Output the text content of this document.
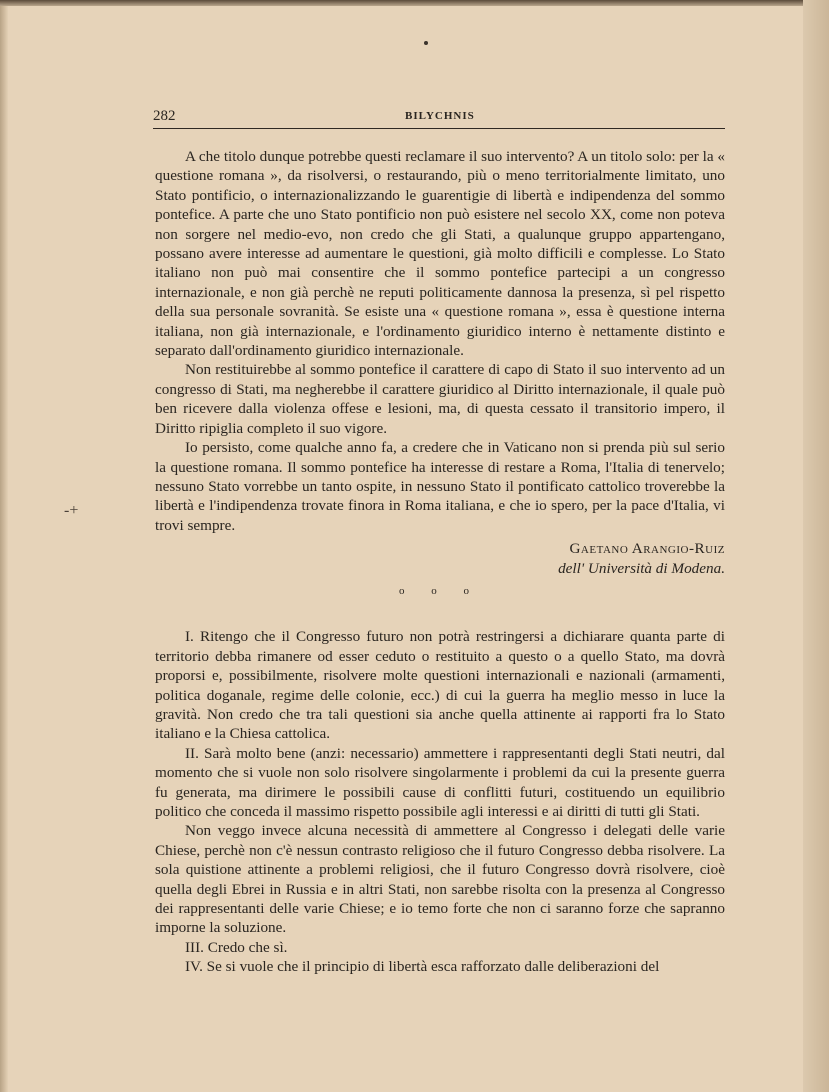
282	BILYCHNIS
-+

A che titolo dunque potrebbe questi reclamare il suo intervento? A un titolo solo: per la « questione romana », da risolversi, o restaurando, più o meno territorialmente limitato, uno Stato pontificio, o internazionalizzando le guarentigie di libertà e indipendenza del sommo pontefice. A parte che uno Stato pontificio non può esistere nel secolo XX, come non poteva non sorgere nel medio-evo, non credo che gli Stati, a qualunque gruppo appartengano, possano avere interesse ad aumentare le questioni, già molto difficili e complesse. Lo Stato italiano non può mai consentire che il sommo pontefice partecipi a un congresso internazionale, e non già perchè ne reputi politicamente dannosa la presenza, sì pel rispetto della sua personale sovranità. Se esiste una « questione romana », essa è questione interna italiana, non già internazionale, e l'ordinamento giuridico interno è nettamente distinto e separato dall'ordinamento giuridico internazionale.

Non restituirebbe al sommo pontefice il carattere di capo di Stato il suo intervento ad un congresso di Stati, ma negherebbe il carattere giuridico al Diritto internazionale, il quale può ben ricevere dalla violenza offese e lesioni, ma, di questa cessato il transitorio impero, il Diritto ripiglia completo il suo vigore.

Io persisto, come qualche anno fa, a credere che in Vaticano non si prenda più sul serio la questione romana. Il sommo pontefice ha interesse di restare a Roma, l'Italia di tenervelo; nessuno Stato vorrebbe un tanto ospite, in nessuno Stato il pontificato cattolico troverebbe la libertà e l'indipendenza trovate finora in Roma italiana, e che io spero, per la pace d'Italia, vi trovi sempre.

Gaetano Arangio-Ruiz
dell' Università di Modena.
o o o

I. Ritengo che il Congresso futuro non potrà restringersi a dichiarare quanta parte di territorio debba rimanere od esser ceduto o restituito a questo o a quello Stato, ma dovrà proporsi e, possibilmente, risolvere molte questioni internazionali e nazionali (armamenti, politica doganale, regime delle colonie, ecc.) di cui la guerra ha meglio messo in luce la gravità. Non credo che tra tali questioni sia anche quella attinente ai rapporti fra lo Stato italiano e la Chiesa cattolica.

II. Sarà molto bene (anzi: necessario) ammettere i rappresentanti degli Stati neutri, dal momento che si vuole non solo risolvere singolarmente i problemi da cui la presente guerra fu generata, ma dirimere le possibili cause di conflitti futuri, costituendo un equilibrio politico che conceda il massimo rispetto possibile agli interessi e ai diritti di tutti gli Stati.

Non veggo invece alcuna necessità di ammettere al Congresso i delegati delle varie Chiese, perchè non c'è nessun contrasto religioso che il futuro Congresso debba risolvere. La sola quistione attinente a problemi religiosi, che il futuro Congresso dovrà risolvere, cioè quella degli Ebrei in Russia e in altri Stati, non sarebbe risolta con la presenza al Congresso dei rappresentanti delle varie Chiese; e io temo forte che non ci saranno forze che sapranno imporne la soluzione.

III. Credo che sì.

IV. Se si vuole che il principio di libertà esca rafforzato dalle deliberazioni del
